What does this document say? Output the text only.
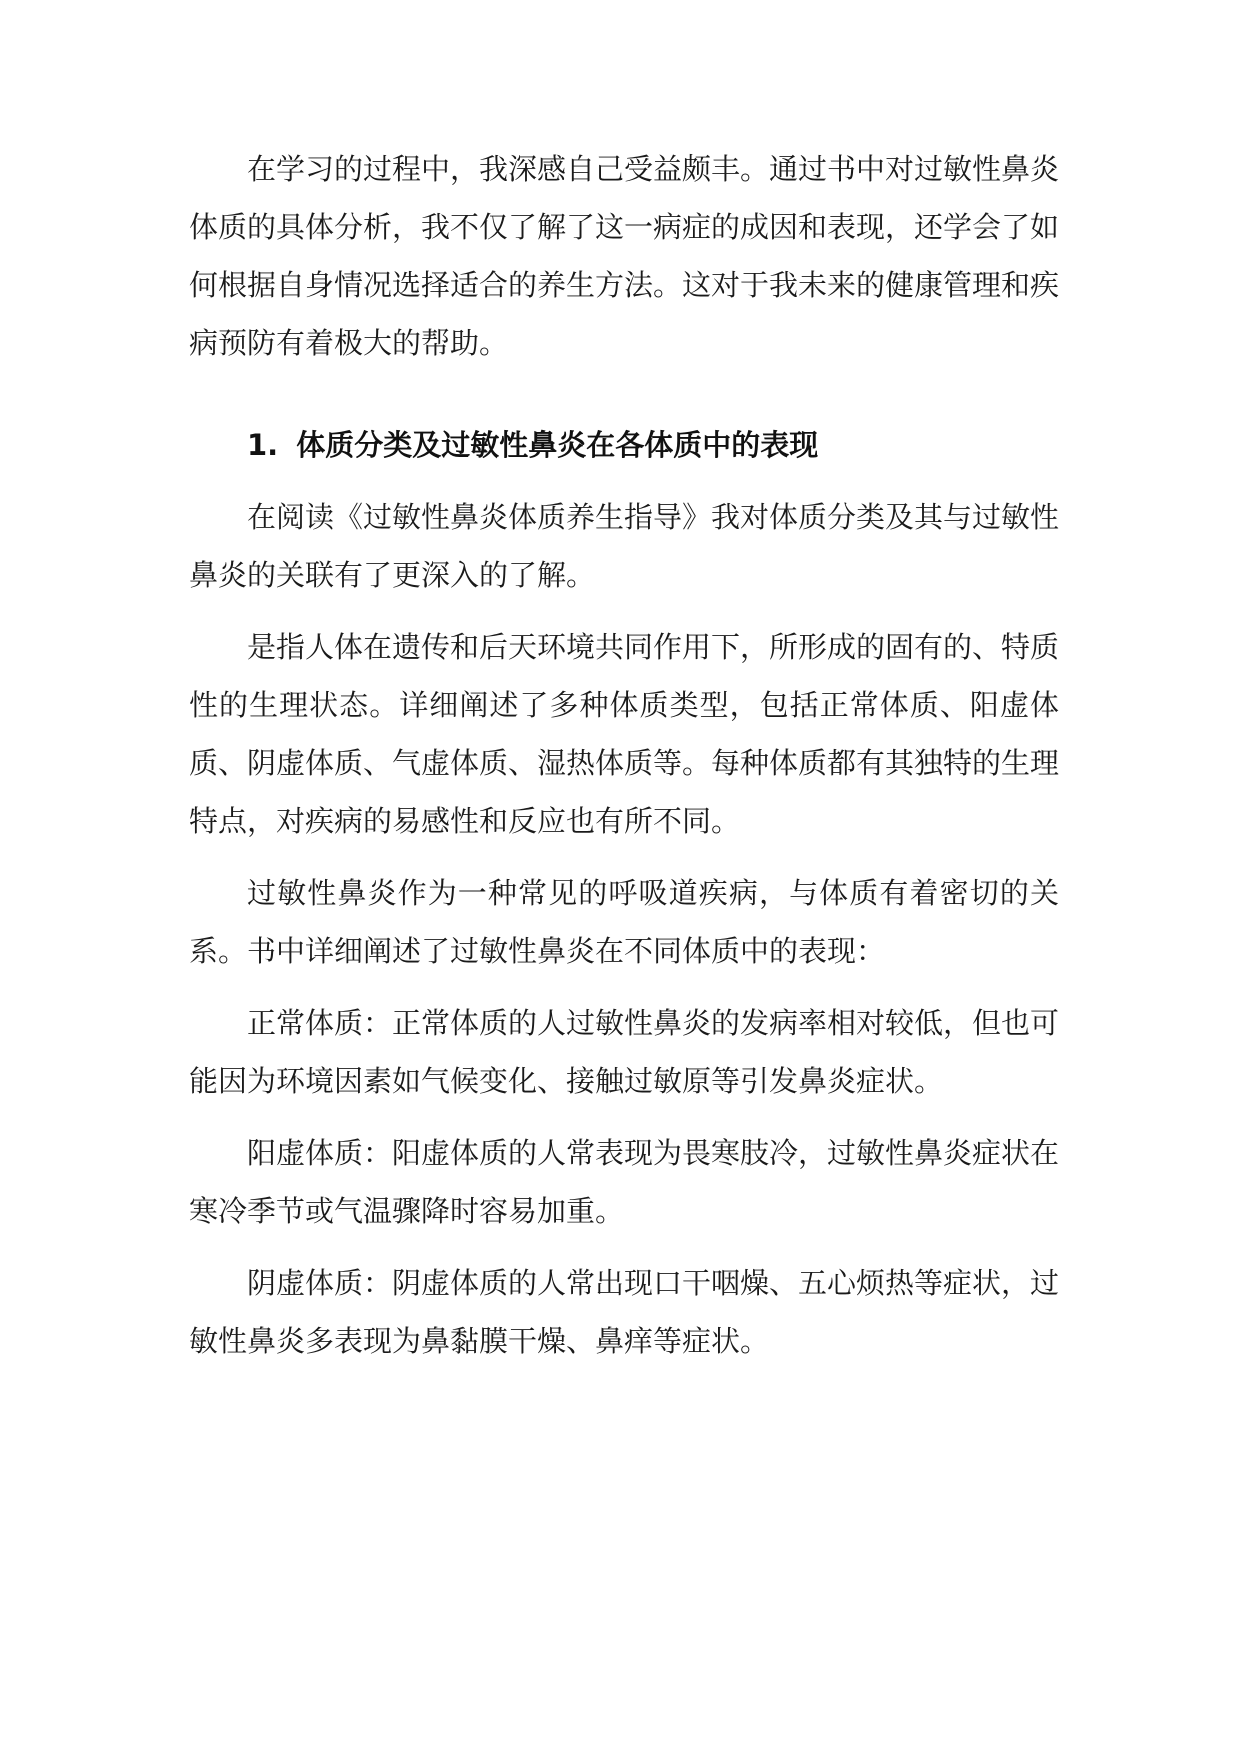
在学习的过程中，我深感自己受益颇丰。通过书中对过敏性鼻炎体质的具体分析，我不仅了解了这一病症的成因和表现，还学会了如何根据自身情况选择适合的养生方法。这对于我未来的健康管理和疾病预防有着极大的帮助。

1. 体质分类及过敏性鼻炎在各体质中的表现

在阅读《过敏性鼻炎体质养生指导》我对体质分类及其与过敏性鼻炎的关联有了更深入的了解。

是指人体在遗传和后天环境共同作用下，所形成的固有的、特质性的生理状态。详细阐述了多种体质类型，包括正常体质、阳虚体质、阴虚体质、气虚体质、湿热体质等。每种体质都有其独特的生理特点，对疾病的易感性和反应也有所不同。

过敏性鼻炎作为一种常见的呼吸道疾病，与体质有着密切的关系。书中详细阐述了过敏性鼻炎在不同体质中的表现：

正常体质：正常体质的人过敏性鼻炎的发病率相对较低，但也可能因为环境因素如气候变化、接触过敏原等引发鼻炎症状。

阳虚体质：阳虚体质的人常表现为畏寒肢冷，过敏性鼻炎症状在寒冷季节或气温骤降时容易加重。

阴虚体质：阴虚体质的人常出现口干咽燥、五心烦热等症状，过敏性鼻炎多表现为鼻黏膜干燥、鼻痒等症状。
